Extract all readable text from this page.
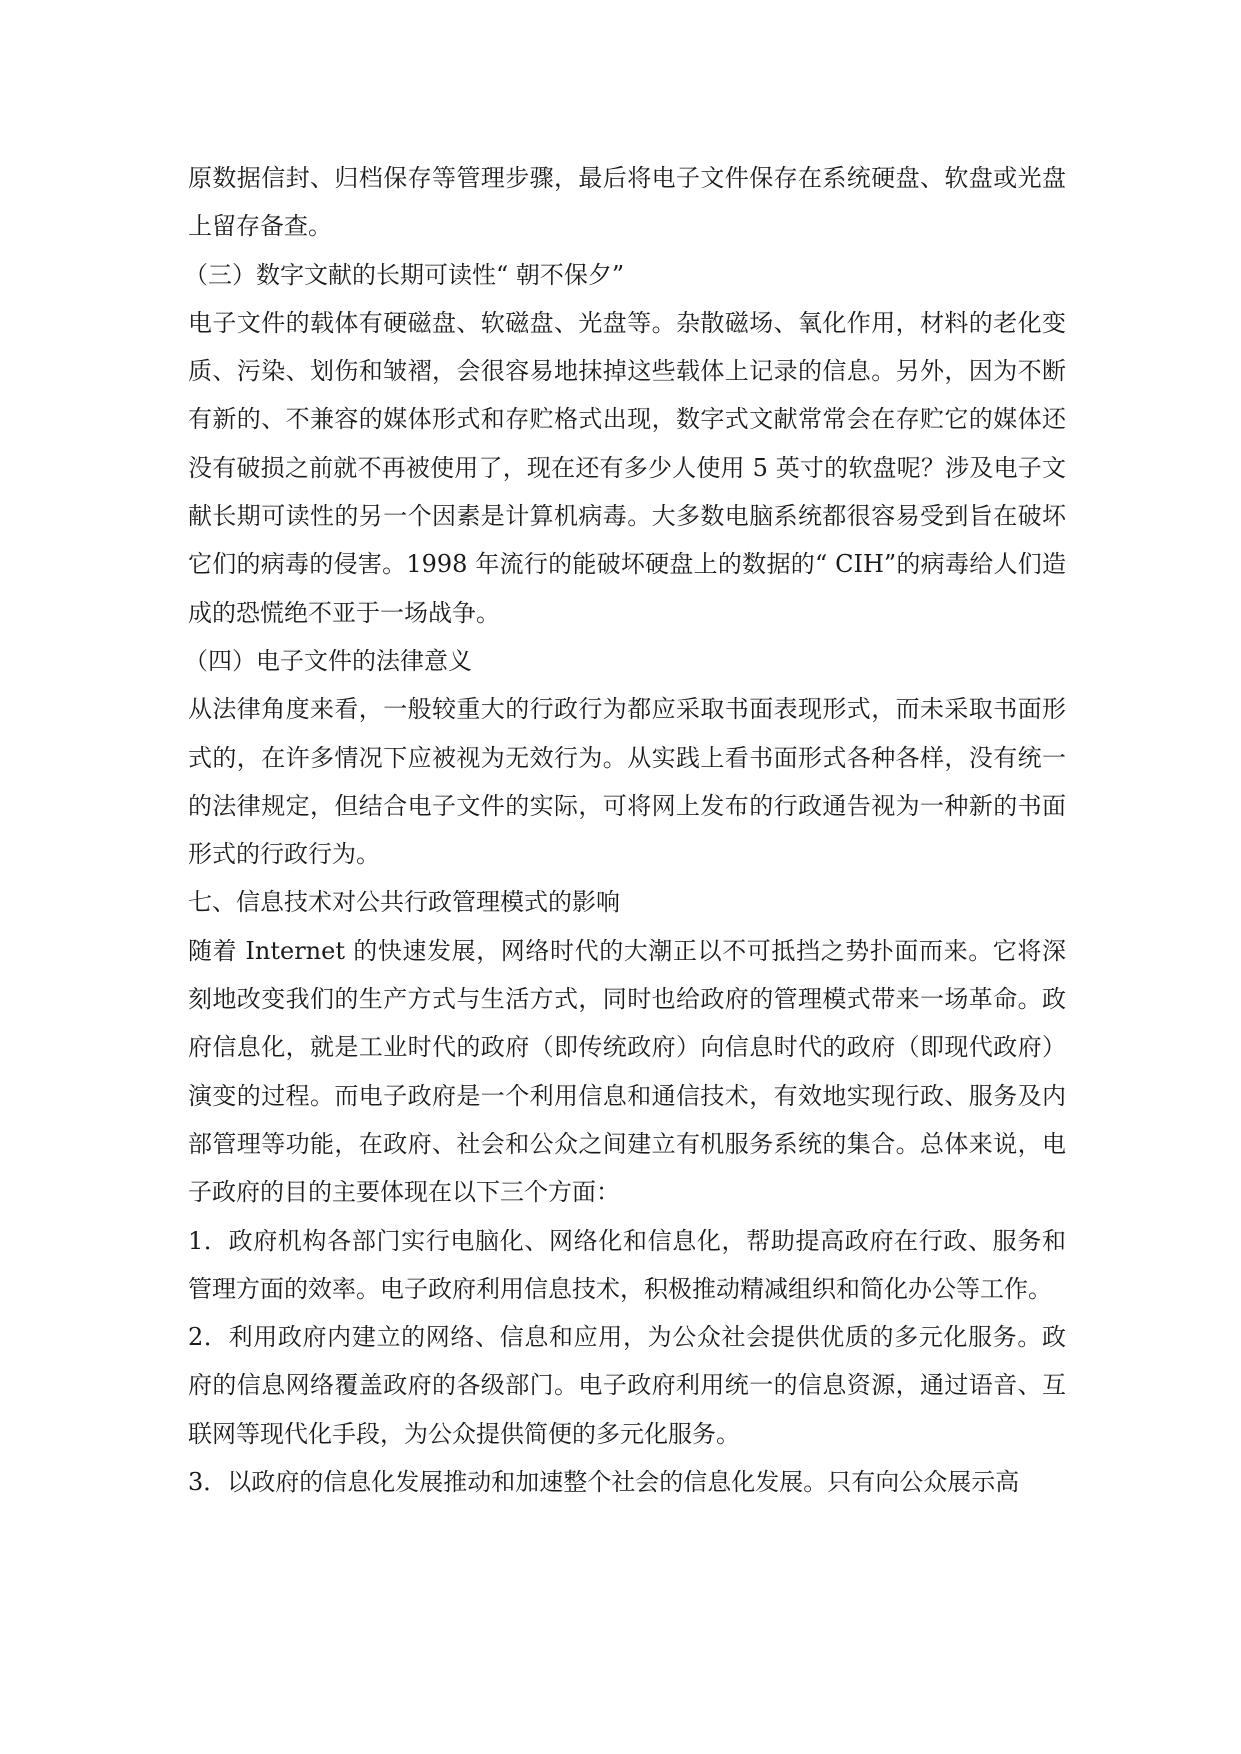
原数据信封、归档保存等管理步骤，最后将电子文件保存在系统硬盘、软盘或光盘上留存备查。

（三）数字文献的长期可读性“ 朝不保夕”

电子文件的载体有硬磁盘、软磁盘、光盘等。杂散磁场、氧化作用，材料的老化变质、污染、划伤和皱褶，会很容易地抹掉这些载体上记录的信息。另外，因为不断有新的、不兼容的媒体形式和存贮格式出现，数字式文献常常会在存贮它的媒体还没有破损之前就不再被使用了，现在还有多少人使用 5 英寸的软盘呢？涉及电子文献长期可读性的另一个因素是计算机病毒。大多数电脑系统都很容易受到旨在破坏它们的病毒的侵害。1998 年流行的能破坏硬盘上的数据的“ CIH”的病毒给人们造成的恐慌绝不亚于一场战争。

（四）电子文件的法律意义

从法律角度来看，一般较重大的行政行为都应采取书面表现形式，而未采取书面形式的，在许多情况下应被视为无效行为。从实践上看书面形式各种各样，没有统一的法律规定，但结合电子文件的实际，可将网上发布的行政通告视为一种新的书面形式的行政行为。

七、信息技术对公共行政管理模式的影响

随着 Internet 的快速发展，网络时代的大潮正以不可抵挡之势扑面而来。它将深刻地改变我们的生产方式与生活方式，同时也给政府的管理模式带来一场革命。政府信息化，就是工业时代的政府（即传统政府）向信息时代的政府（即现代政府）演变的过程。而电子政府是一个利用信息和通信技术，有效地实现行政、服务及内部管理等功能，在政府、社会和公众之间建立有机服务系统的集合。总体来说，电子政府的目的主要体现在以下三个方面：

1．政府机构各部门实行电脑化、网络化和信息化，帮助提高政府在行政、服务和管理方面的效率。电子政府利用信息技术，积极推动精减组织和简化办公等工作。

2．利用政府内建立的网络、信息和应用，为公众社会提供优质的多元化服务。政府的信息网络覆盖政府的各级部门。电子政府利用统一的信息资源，通过语音、互联网等现代化手段，为公众提供简便的多元化服务。

3．以政府的信息化发展推动和加速整个社会的信息化发展。只有向公众展示高
